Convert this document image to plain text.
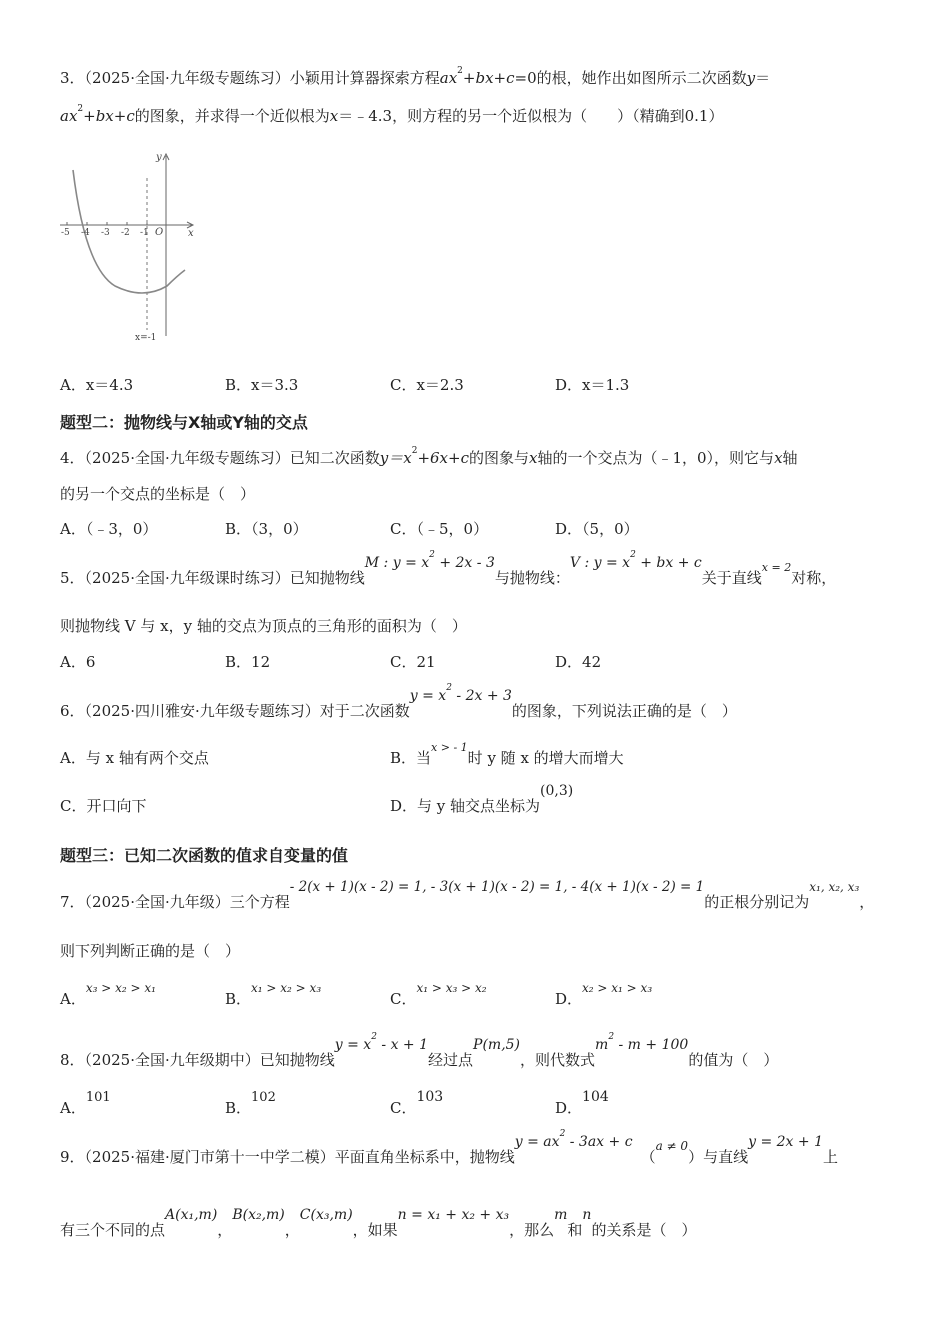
3．（2025·全国·九年级专题练习）小颖用计算器探索方程$ax^2+bx+c=0$的根，她作出如图所示二次函数y＝
$ax^2+bx+c$的图象，并求得一个近似根为x＝﹣4.3，则方程的另一个近似根为（　　）（精确到0.1）
y
x
O
-5 -4 -3 -2 -1
x=-1
A．x＝4.3	B．x＝3.3	C．x＝2.3	D．x＝1.3
题型二：抛物线与X轴或Y轴的交点
4．（2025·全国·九年级专题练习）已知二次函数$y=x^2+6x+c$的图象与x轴的一个交点为（﹣1，0），则它与x轴
的另一个交点的坐标是（　）
A．（﹣3，0）	B．（3，0）	C．（﹣5，0）	D．（5，0）
5．（2025·全国·九年级课时练习）已知抛物线M : $y = x^2 + 2x - 3$与抛物线：V : $y = x^2$ + bx + c关于直线$^{x = 2}$对称，
则抛物线 V 与 x，y 轴的交点为顶点的三角形的面积为（　）
A．6	B．12	C．21	D．42
6．（2025·四川雅安·九年级专题练习）对于二次函数$y = x^2 - 2x + 3$的图象，下列说法正确的是（　）
A．与 x 轴有两个交点	B．当$^{x > - 1}$时 y 随 x 的增大而增大
C．开口向下	D．与 y 轴交点坐标为(0,3)
题型三：已知二次函数的值求自变量的值
7．（2025·全国·九年级）三个方程- 2(x + 1)(x - 2) = 1, - 3(x + 1)(x - 2) = 1, - 4(x + 1)(x - 2) = 1的正根分别记为$^{x_1, x_2, x_3}$，
则下列判断正确的是（　）
A．$^{x_3 > x_2 > x_1}$
B．$^{x_1 > x_2 > x_3}$
C．$^{x_1 > x_3 > x_2}$
D．$^{x_2 > x_1 > x_3}$
8．（2025·全国·九年级期中）已知抛物线$y = x^2 - x + 1$经过点P(m,5)，则代数式$m^2 - m + 100$的值为（　）
A．101
B．102
C．103
D．104
9．（2025·福建·厦门市第十一中学二模）平面直角坐标系中，抛物线$y = ax^2 - 3ax + c(^{a \ne 0})$与直线y = 2x + 1上
有三个不同的点A(x₁,m)，B(x₂,m)，C(x₃,m)，如果n = x₁ + x₂ + x₃，那么m和n的关系是（　）
